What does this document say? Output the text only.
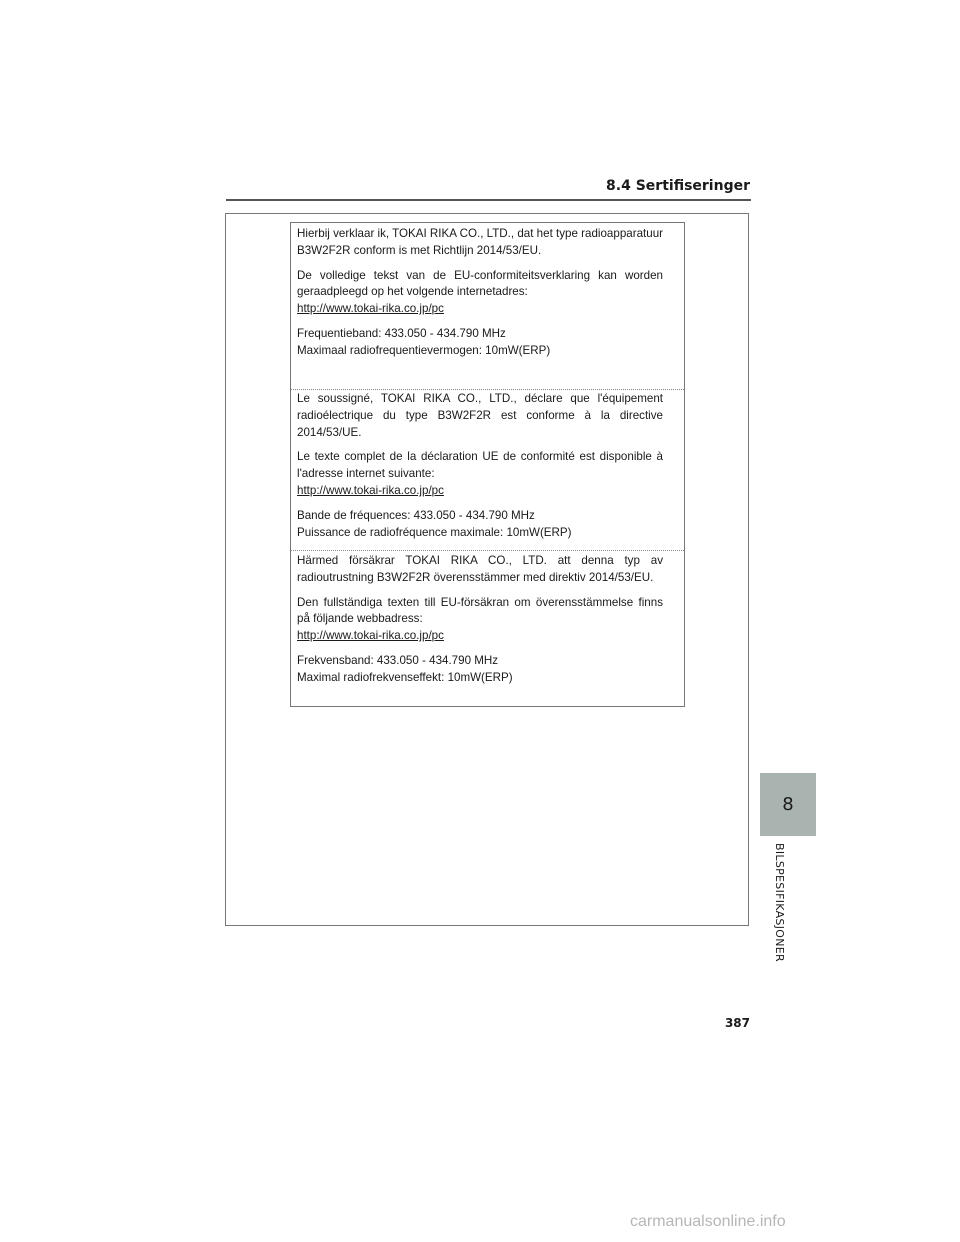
8.4 Sertifiseringer

Hierbij verklaar ik, TOKAI RIKA CO., LTD., dat het type radioapparatuur B3W2F2R conform is met Richtlijn 2014/53/EU.

De volledige tekst van de EU-conformiteitsverklaring kan worden geraadpleegd op het volgende internetadres:

http://www.tokai-rika.co.jp/pc

Frequentieband: 433.050 - 434.790 MHz

Maximaal radiofrequentievermogen: 10mW(ERP)

Le soussigné, TOKAI RIKA CO., LTD., déclare que l'équipement radioélectrique du type B3W2F2R est conforme à la directive 2014/53/UE.

Le texte complet de la déclaration UE de conformité est disponible à l'adresse internet suivante:

http://www.tokai-rika.co.jp/pc

Bande de fréquences: 433.050 - 434.790 MHz

Puissance de radiofréquence maximale: 10mW(ERP)

Härmed försäkrar TOKAI RIKA CO., LTD. att denna typ av radioutrustning B3W2F2R överensstämmer med direktiv 2014/53/EU.

Den fullständiga texten till EU-försäkran om överensstämmelse finns på följande webbadress:

http://www.tokai-rika.co.jp/pc

Frekvensband: 433.050 - 434.790 MHz

Maximal radiofrekvenseffekt: 10mW(ERP)

8
BILSPESIFIKASJONER
387
carmanualsonline.info
